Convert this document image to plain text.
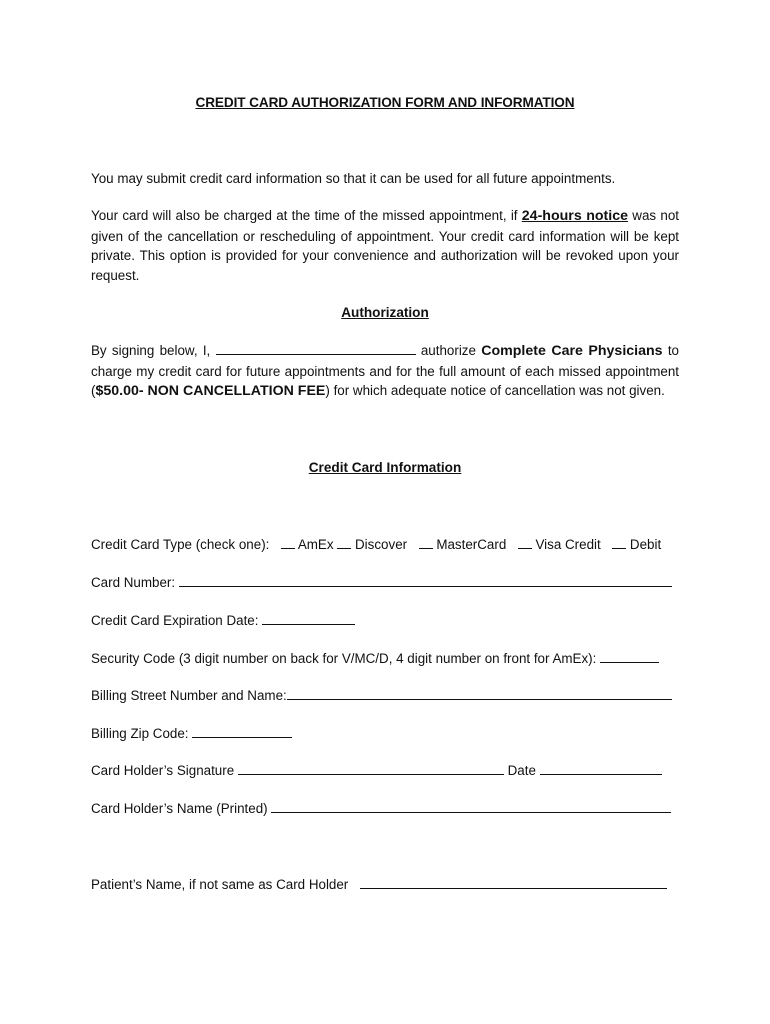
CREDIT CARD AUTHORIZATION FORM AND INFORMATION
You may submit credit card information so that it can be used for all future appointments.
Your card will also be charged at the time of the missed appointment, if 24-hours notice was not given of the cancellation or rescheduling of appointment. Your credit card information will be kept private. This option is provided for your convenience and authorization will be revoked upon your request.
Authorization
By signing below, I,	authorize Complete Care Physicians to charge my credit card for future appointments and for the full amount of each missed appointment ($50.00- NON CANCELLATION FEE) for which adequate notice of cancellation was not given.
Credit Card Information
Credit Card Type (check one): AmEx Discover MasterCard Visa Credit Debit
Card Number:
Credit Card Expiration Date:
Security Code (3 digit number on back for V/MC/D, 4 digit number on front for AmEx):
Billing Street Number and Name:
Billing Zip Code:
Card Holder’s Signature	Date
Card Holder’s Name (Printed)
Patient’s Name, if not same as Card Holder
